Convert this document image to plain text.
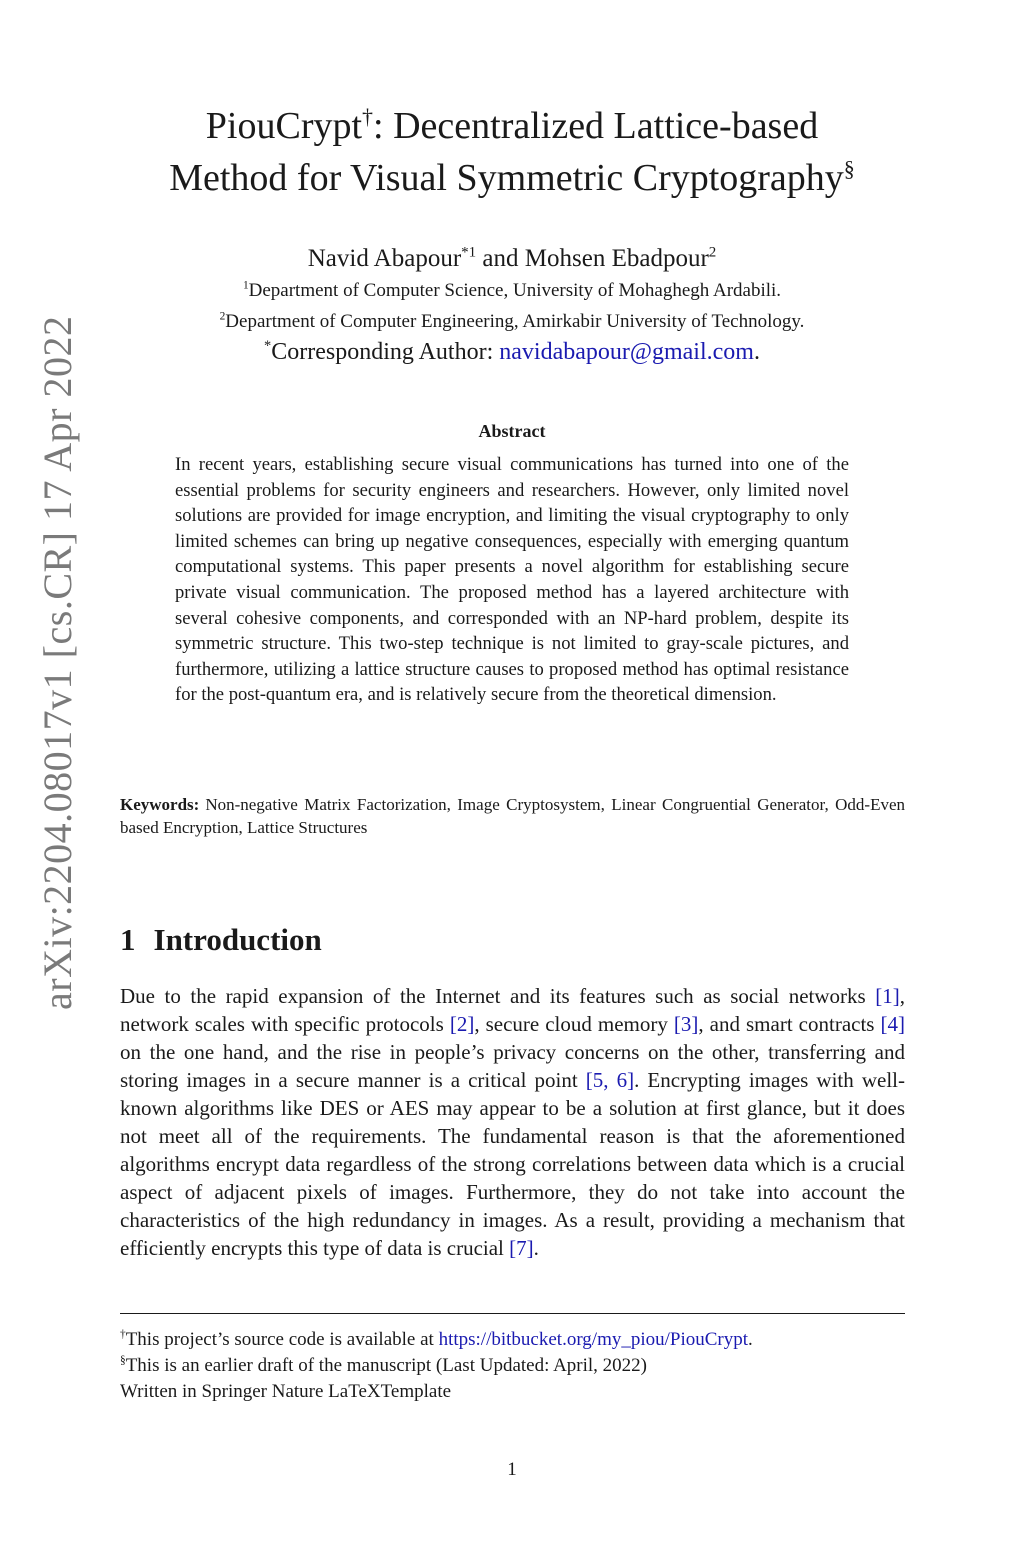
arXiv:2204.08017v1 [cs.CR] 17 Apr 2022
PiouCrypt†: Decentralized Lattice-based
Method for Visual Symmetric Cryptography§
Navid Abapour$^{*1}$ and Mohsen Ebadpour$^2$
$^1$Department of Computer Science, University of Mohaghegh Ardabili.
$^2$Department of Computer Engineering, Amirkabir University of Technology.
*Corresponding Author: navidabapour@gmail.com.
Abstract

In recent years, establishing secure visual communications has turned into one of the essential problems for security engineers and researchers. However, only limited novel solutions are provided for image encryption, and limiting the visual cryptography to only limited schemes can bring up negative consequences, especially with emerging quantum computational systems. This paper presents a novel algorithm for establishing secure private visual communication. The proposed method has a layered architecture with several cohesive components, and corresponded with an NP-hard problem, despite its symmetric structure. This two-step technique is not limited to gray-scale pictures, and furthermore, utilizing a lattice structure causes to proposed method has optimal resistance for the post-quantum era, and is relatively secure from the theoretical dimension.

Keywords: Non-negative Matrix Factorization, Image Cryptosystem, Linear Congruential Generator, Odd-Even based Encryption, Lattice Structures

1 Introduction

Due to the rapid expansion of the Internet and its features such as social networks [1], network scales with specific protocols [2], secure cloud memory [3], and smart contracts [4] on the one hand, and the rise in people’s privacy concerns on the other, transferring and storing images in a secure manner is a critical point [5, 6]. Encrypting images with well-known algorithms like DES or AES may appear to be a solution at first glance, but it does not meet all of the requirements. The fundamental reason is that the aforementioned algorithms encrypt data regardless of the strong correlations between data which is a crucial aspect of adjacent pixels of images. Furthermore, they do not take into account the characteristics of the high redundancy in images. As a result, providing a mechanism that efficiently encrypts this type of data is crucial [7].

†This project’s source code is available at https://bitbucket.org/my_piou/PiouCrypt.
§This is an earlier draft of the manuscript (Last Updated: April, 2022)
Written in Springer Nature LaTeXTemplate
1
